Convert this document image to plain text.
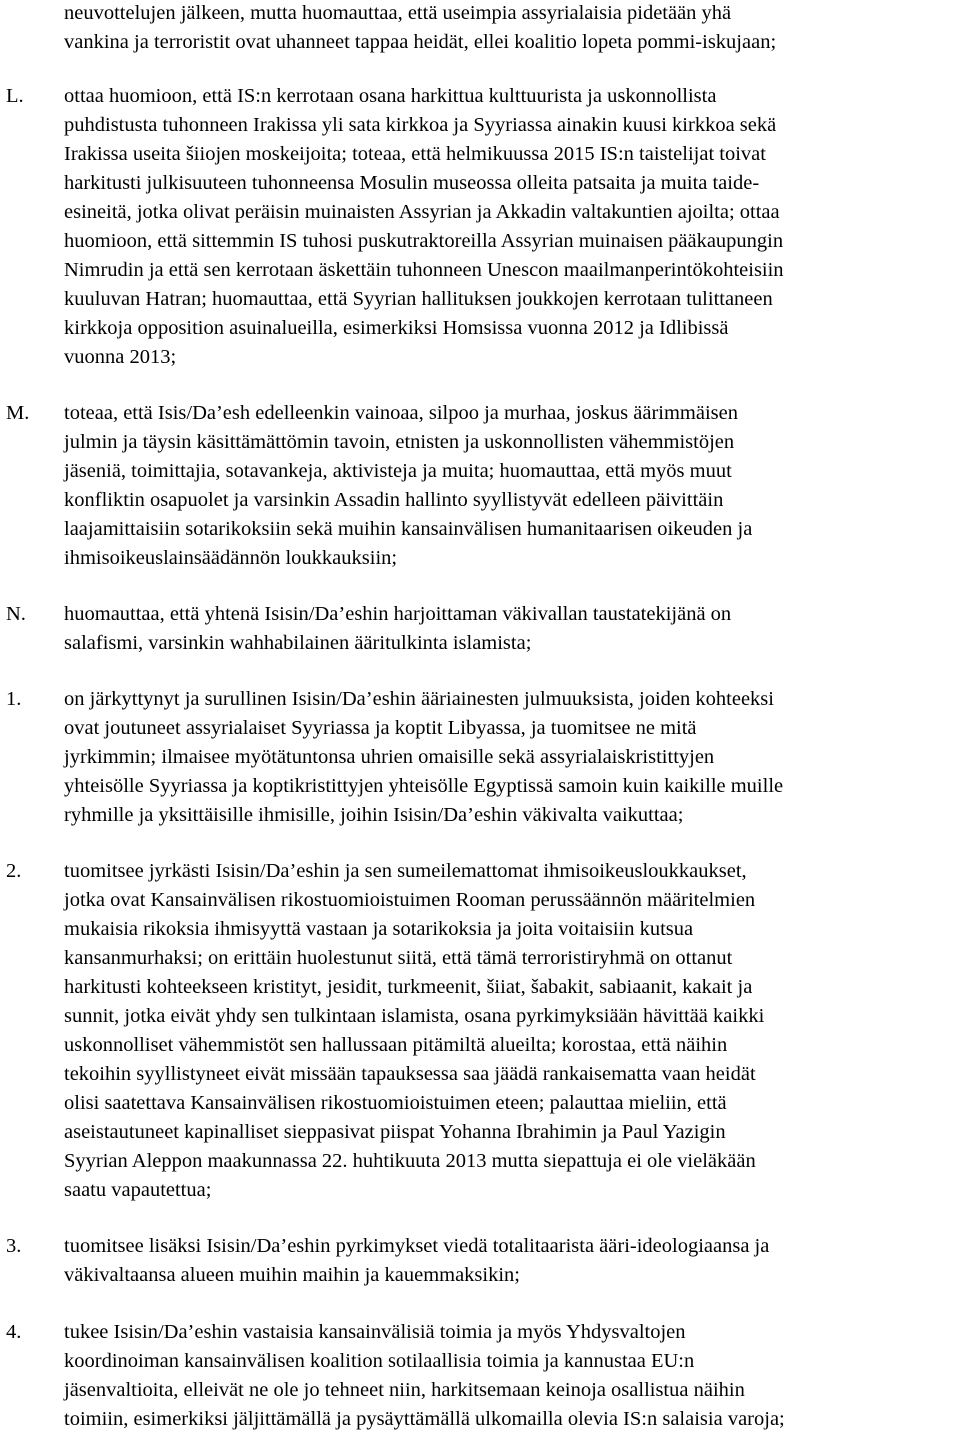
neuvottelujen jälkeen, mutta huomauttaa, että useimpia assyrialaisia pidetään yhä
vankina ja terroristit ovat uhanneet tappaa heidät, ellei koalitio lopeta pommi-iskujaan;
L. ottaa huomioon, että IS:n kerrotaan osana harkittua kulttuurista ja uskonnollista
puhdistusta tuhonneen Irakissa yli sata kirkkoa ja Syyriassa ainakin kuusi kirkkoa sekä
Irakissa useita šiiojen moskeijoita; toteaa, että helmikuussa 2015 IS:n taistelijat toivat
harkitusti julkisuuteen tuhonneensa Mosulin museossa olleita patsaita ja muita taide-
esineitä, jotka olivat peräisin muinaisten Assyrian ja Akkadin valtakuntien ajoilta; ottaa
huomioon, että sittemmin IS tuhosi puskutraktoreilla Assyrian muinaisen pääkaupungin
Nimrudin ja että sen kerrotaan äskettäin tuhonneen Unescon maailmanperintökohteisiin
kuuluvan Hatran; huomauttaa, että Syyrian hallituksen joukkojen kerrotaan tulittaneen
kirkkoja opposition asuinalueilla, esimerkiksi Homsissa vuonna 2012 ja Idlibissä
vuonna 2013;
M. toteaa, että Isis/Da’esh edelleenkin vainoaa, silpoo ja murhaa, joskus äärimmäisen
julmin ja täysin käsittämättömin tavoin, etnisten ja uskonnollisten vähemmistöjen
jäseniä, toimittajia, sotavankeja, aktivisteja ja muita; huomauttaa, että myös muut
konfliktin osapuolet ja varsinkin Assadin hallinto syyllistyvät edelleen päivittäin
laajamittaisiin sotarikoksiin sekä muihin kansainvälisen humanitaarisen oikeuden ja
ihmisoikeuslainsäädännön loukkauksiin;
N. huomauttaa, että yhtenä Isisin/Da’eshin harjoittaman väkivallan taustatekijänä on
salafismi, varsinkin wahhabilainen ääritulkinta islamista;
1. on järkyttynyt ja surullinen Isisin/Da’eshin ääriainesten julmuuksista, joiden kohteeksi
ovat joutuneet assyrialaiset Syyriassa ja koptit Libyassa, ja tuomitsee ne mitä
jyrkimmin; ilmaisee myötätuntonsa uhrien omaisille sekä assyrialaiskristittyjen
yhteisölle Syyriassa ja koptikristittyjen yhteisölle Egyptissä samoin kuin kaikille muille
ryhmille ja yksittäisille ihmisille, joihin Isisin/Da’eshin väkivalta vaikuttaa;
2. tuomitsee jyrkästi Isisin/Da’eshin ja sen sumeilemattomat ihmisoikeusloukkaukset,
jotka ovat Kansainvälisen rikostuomioistuimen Rooman perussäännön määritelmien
mukaisia rikoksia ihmisyyttä vastaan ja sotarikoksia ja joita voitaisiin kutsua
kansanmurhaksi; on erittäin huolestunut siitä, että tämä terroristiryhmä on ottanut
harkitusti kohteekseen kristityt, jesidit, turkmeenit, šiiat, šabakit, sabiaanit, kakait ja
sunnit, jotka eivät yhdy sen tulkintaan islamista, osana pyrkimyksiään hävittää kaikki
uskonnolliset vähemmistöt sen hallussaan pitämiltä alueilta; korostaa, että näihin
tekoihin syyllistyneet eivät missään tapauksessa saa jäädä rankaisematta vaan heidät
olisi saatettava Kansainvälisen rikostuomioistuimen eteen; palauttaa mieliin, että
aseistautuneet kapinalliset sieppasivat piispat Yohanna Ibrahimin ja Paul Yazigin
Syyrian Aleppon maakunnassa 22. huhtikuuta 2013 mutta siepattuja ei ole vieläkään
saatu vapautettua;
3. tuomitsee lisäksi Isisin/Da’eshin pyrkimykset viedä totalitaarista ääri-ideologiaansa ja
väkivaltaansa alueen muihin maihin ja kauemmaksikin;
4. tukee Isisin/Da’eshin vastaisia kansainvälisiä toimia ja myös Yhdysvaltojen
koordinoiman kansainvälisen koalition sotilaallisia toimia ja kannustaa EU:n
jäsenvaltioita, elleivät ne ole jo tehneet niin, harkitsemaan keinoja osallistua näihin
toimiin, esimerkiksi jäljittämällä ja pysäyttämällä ulkomailla olevia IS:n salaisia varoja;
